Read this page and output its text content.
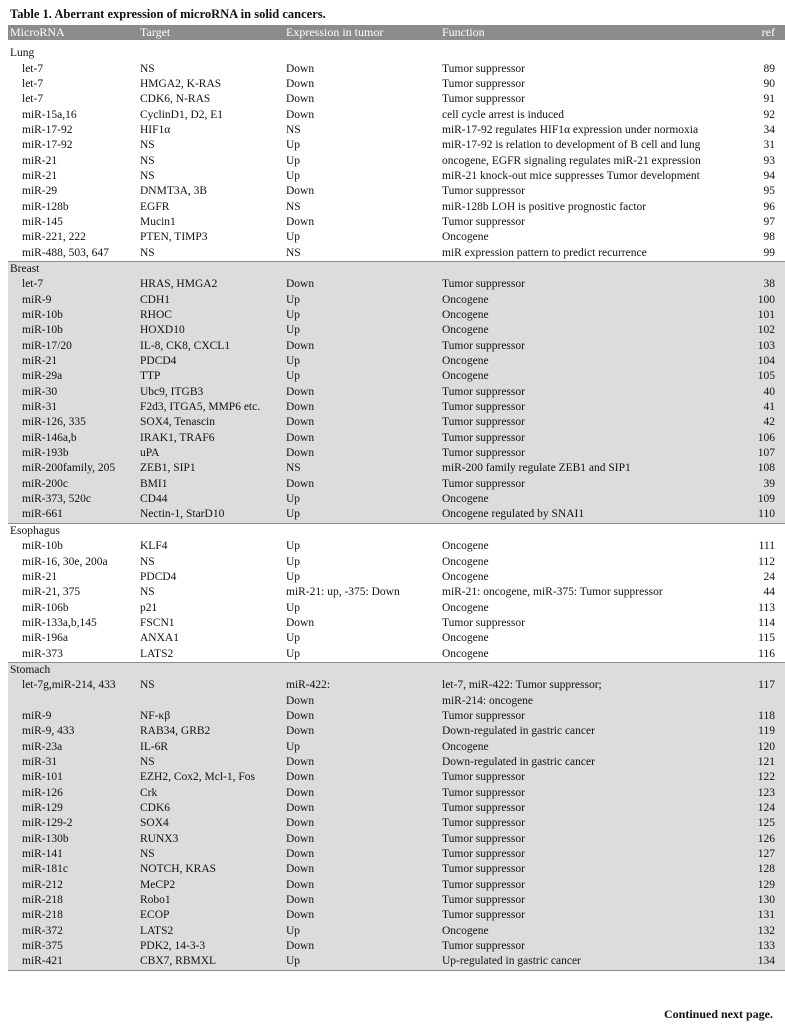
Table 1. Aberrant expression of microRNA in solid cancers.
MicroRNA	Target	Expression in tumor	Function	ref
Lung				
let-7	NS	Down	Tumor suppressor	89
let-7	HMGA2, K-RAS	Down	Tumor suppressor	90
let-7	CDK6, N-RAS	Down	Tumor suppressor	91
miR-15a,16	CyclinD1, D2, E1	Down	cell cycle arrest is induced	92
miR-17-92	HIF1α	NS	miR-17-92 regulates HIF1α expression under normoxia	34
miR-17-92	NS	Up	miR-17-92 is relation to development of B cell and lung	31
miR-21	NS	Up	oncogene, EGFR signaling regulates miR-21 expression	93
miR-21	NS	Up	miR-21 knock-out mice suppresses Tumor development	94
miR-29	DNMT3A, 3B	Down	Tumor suppressor	95
miR-128b	EGFR	NS	miR-128b LOH is positive prognostic factor	96
miR-145	Mucin1	Down	Tumor suppressor	97
miR-221, 222	PTEN, TIMP3	Up	Oncogene	98
miR-488, 503, 647	NS	NS	miR expression pattern to predict recurrence	99
Breast				
let-7	HRAS, HMGA2	Down	Tumor suppressor	38
miR-9	CDH1	Up	Oncogene	100
miR-10b	RHOC	Up	Oncogene	101
miR-10b	HOXD10	Up	Oncogene	102
miR-17/20	IL-8, CK8, CXCL1	Down	Tumor suppressor	103
miR-21	PDCD4	Up	Oncogene	104
miR-29a	TTP	Up	Oncogene	105
miR-30	Ubc9, ITGB3	Down	Tumor suppressor	40
miR-31	F2d3, ITGA5, MMP6 etc.	Down	Tumor suppressor	41
miR-126, 335	SOX4, Tenascin	Down	Tumor suppressor	42
miR-146a,b	IRAK1, TRAF6	Down	Tumor suppressor	106
miR-193b	uPA	Down	Tumor suppressor	107
miR-200family, 205	ZEB1, SIP1	NS	miR-200 family regulate ZEB1 and SIP1	108
miR-200c	BMI1	Down	Tumor suppressor	39
miR-373, 520c	CD44	Up	Oncogene	109
miR-661	Nectin-1, StarD10	Up	Oncogene regulated by SNAI1	110
Esophagus				
miR-10b	KLF4	Up	Oncogene	111
miR-16, 30e, 200a	NS	Up	Oncogene	112
miR-21	PDCD4	Up	Oncogene	24
miR-21, 375	NS	miR-21: up, -375: Down	miR-21: oncogene, miR-375: Tumor suppressor	44
miR-106b	p21	Up	Oncogene	113
miR-133a,b,145	FSCN1	Down	Tumor suppressor	114
miR-196a	ANXA1	Up	Oncogene	115
miR-373	LATS2	Up	Oncogene	116
Stomach				
let-7g,miR-214, 433	NS	miR-422:	let-7, miR-422: Tumor suppressor;	117
		Down	miR-214: oncogene	
miR-9	NF-κβ	Down	Tumor suppressor	118
miR-9, 433	RAB34, GRB2	Down	Down-regulated in gastric cancer	119
miR-23a	IL-6R	Up	Oncogene	120
miR-31	NS	Down	Down-regulated in gastric cancer	121
miR-101	EZH2, Cox2, Mcl-1, Fos	Down	Tumor suppressor	122
miR-126	Crk	Down	Tumor suppressor	123
miR-129	CDK6	Down	Tumor suppressor	124
miR-129-2	SOX4	Down	Tumor suppressor	125
miR-130b	RUNX3	Down	Tumor suppressor	126
miR-141	NS	Down	Tumor suppressor	127
miR-181c	NOTCH, KRAS	Down	Tumor suppressor	128
miR-212	MeCP2	Down	Tumor suppressor	129
miR-218	Robo1	Down	Tumor suppressor	130
miR-218	ECOP	Down	Tumor suppressor	131
miR-372	LATS2	Up	Oncogene	132
miR-375	PDK2, 14-3-3	Down	Tumor suppressor	133
miR-421	CBX7, RBMXL	Up	Up-regulated in gastric cancer	134
Continued next page.
